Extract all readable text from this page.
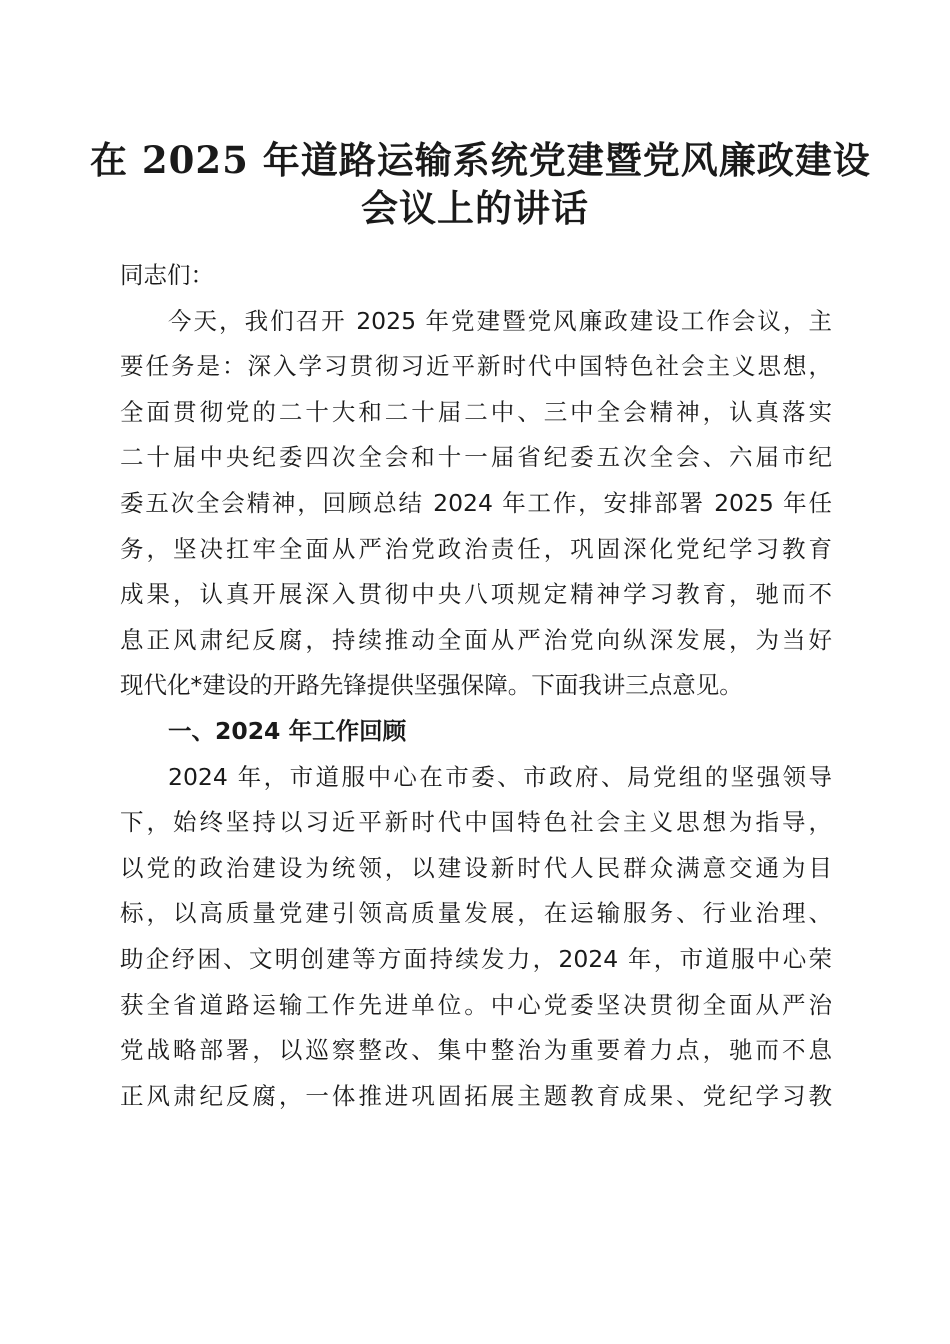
在 2025 年道路运输系统党建暨党风廉政建设
会议上的讲话
同志们：
今天，我们召开 2025 年党建暨党风廉政建设工作会议，主
要任务是：深入学习贯彻习近平新时代中国特色社会主义思想，
全面贯彻党的二十大和二十届二中、三中全会精神，认真落实
二十届中央纪委四次全会和十一届省纪委五次全会、六届市纪
委五次全会精神，回顾总结 2024 年工作，安排部署 2025 年任
务，坚决扛牢全面从严治党政治责任，巩固深化党纪学习教育
成果，认真开展深入贯彻中央八项规定精神学习教育，驰而不
息正风肃纪反腐，持续推动全面从严治党向纵深发展，为当好
现代化*建设的开路先锋提供坚强保障。下面我讲三点意见。
一、2024 年工作回顾
2024 年，市道服中心在市委、市政府、局党组的坚强领导
下，始终坚持以习近平新时代中国特色社会主义思想为指导，
以党的政治建设为统领，以建设新时代人民群众满意交通为目
标，以高质量党建引领高质量发展，在运输服务、行业治理、
助企纾困、文明创建等方面持续发力，2024 年，市道服中心荣
获全省道路运输工作先进单位。中心党委坚决贯彻全面从严治
党战略部署，以巡察整改、集中整治为重要着力点，驰而不息
正风肃纪反腐，一体推进巩固拓展主题教育成果、党纪学习教
